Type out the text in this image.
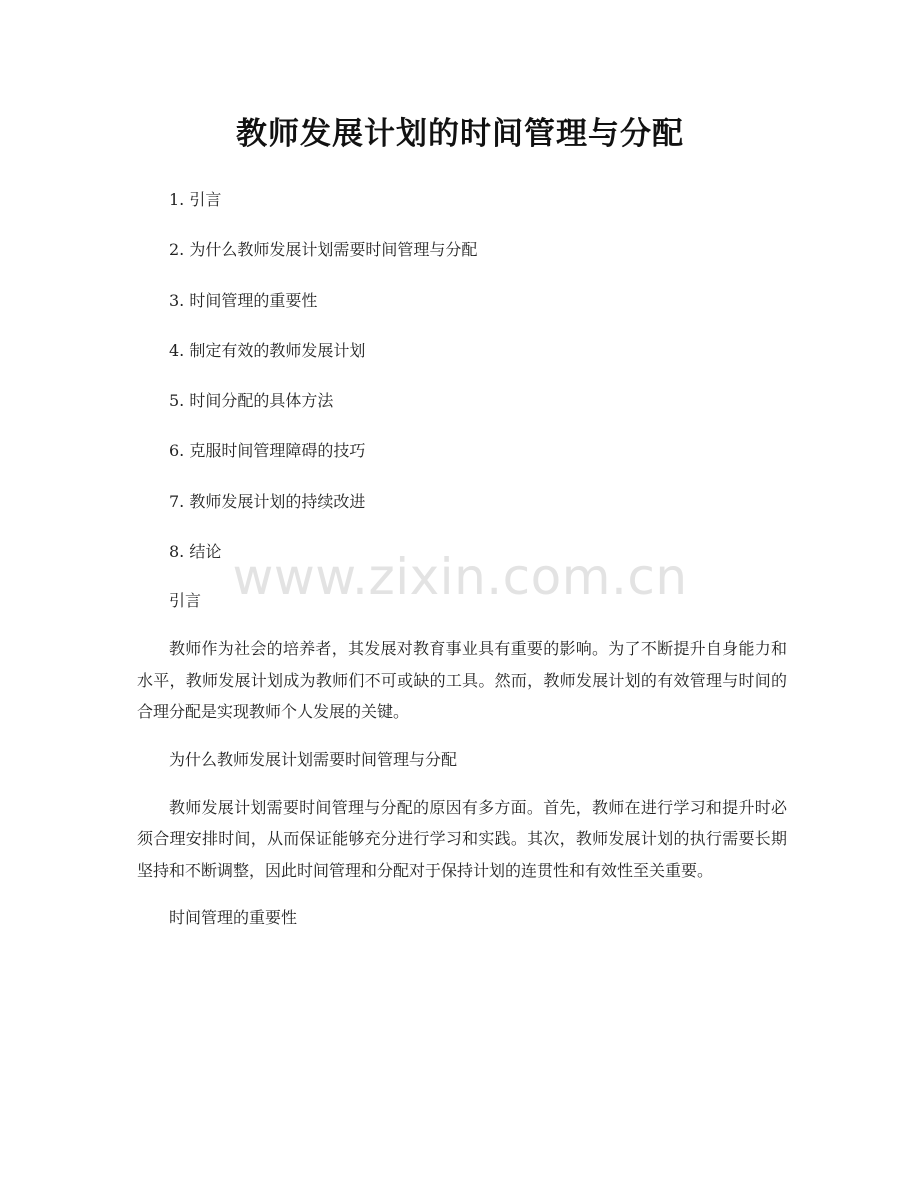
教师发展计划的时间管理与分配
1. 引言
2. 为什么教师发展计划需要时间管理与分配
3. 时间管理的重要性
4. 制定有效的教师发展计划
5. 时间分配的具体方法
6. 克服时间管理障碍的技巧
7. 教师发展计划的持续改进
8. 结论 www.zixin.com.cn

引言

教师作为社会的培养者，其发展对教育事业具有重要的影响。为了不断提升自身能力和水平，教师发展计划成为教师们不可或缺的工具。然而，教师发展计划的有效管理与时间的合理分配是实现教师个人发展的关键。

为什么教师发展计划需要时间管理与分配

教师发展计划需要时间管理与分配的原因有多方面。首先，教师在进行学习和提升时必须合理安排时间，从而保证能够充分进行学习和实践。其次，教师发展计划的执行需要长期坚持和不断调整，因此时间管理和分配对于保持计划的连贯性和有效性至关重要。

时间管理的重要性
